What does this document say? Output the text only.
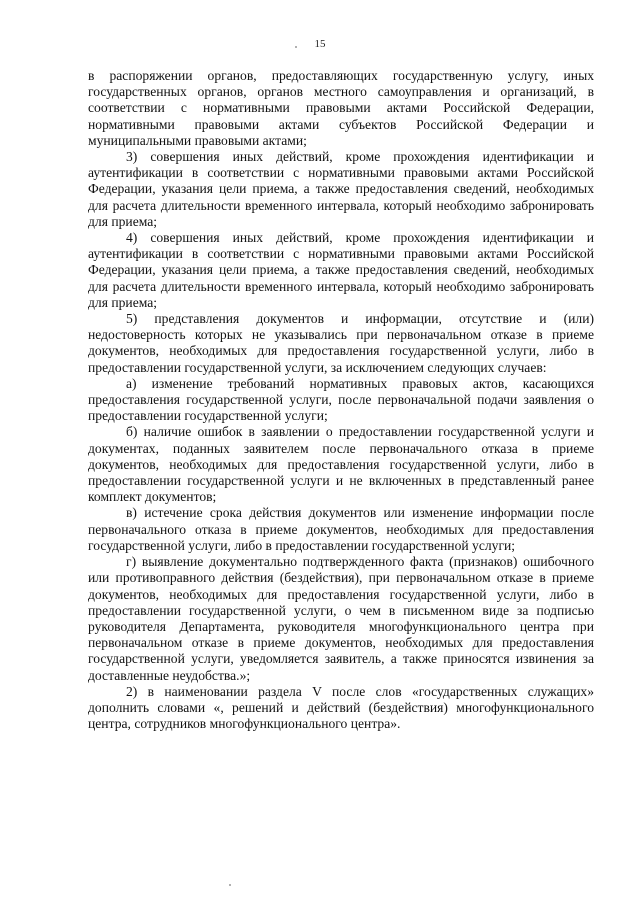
15

в распоряжении органов, предоставляющих государственную услугу, иных государственных органов, органов местного самоуправления и организаций, в соответствии с нормативными правовыми актами Российской Федерации, нормативными правовыми актами субъектов Российской Федерации и муниципальными правовыми актами;

3) совершения иных действий, кроме прохождения идентификации и аутентификации в соответствии с нормативными правовыми актами Российской Федерации, указания цели приема, а также предоставления сведений, необходимых для расчета длительности временного интервала, который необходимо забронировать для приема;

4) совершения иных действий, кроме прохождения идентификации и аутентификации в соответствии с нормативными правовыми актами Российской Федерации, указания цели приема, а также предоставления сведений, необходимых для расчета длительности временного интервала, который необходимо забронировать для приема;

5) представления документов и информации, отсутствие и (или) недостоверность которых не указывались при первоначальном отказе в приеме документов, необходимых для предоставления государственной услуги, либо в предоставлении государственной услуги, за исключением следующих случаев:

а) изменение требований нормативных правовых актов, касающихся предоставления государственной услуги, после первоначальной подачи заявления о предоставлении государственной услуги;

б) наличие ошибок в заявлении о предоставлении государственной услуги и документах, поданных заявителем после первоначального отказа в приеме документов, необходимых для предоставления государственной услуги, либо в предоставлении государственной услуги и не включенных в представленный ранее комплект документов;

в) истечение срока действия документов или изменение информации после первоначального отказа в приеме документов, необходимых для предоставления государственной услуги, либо в предоставлении государственной услуги;

г) выявление документально подтвержденного факта (признаков) ошибочного или противоправного действия (бездействия), при первоначальном отказе в приеме документов, необходимых для предоставления государственной услуги, либо в предоставлении государственной услуги, о чем в письменном виде за подписью руководителя Департамента, руководителя многофункционального центра при первоначальном отказе в приеме документов, необходимых для предоставления государственной услуги, уведомляется заявитель, а также приносятся извинения за доставленные неудобства.»;

2) в наименовании раздела V после слов «государственных служащих» дополнить словами «, решений и действий (бездействия) многофункционального центра, сотрудников многофункционального центра».
